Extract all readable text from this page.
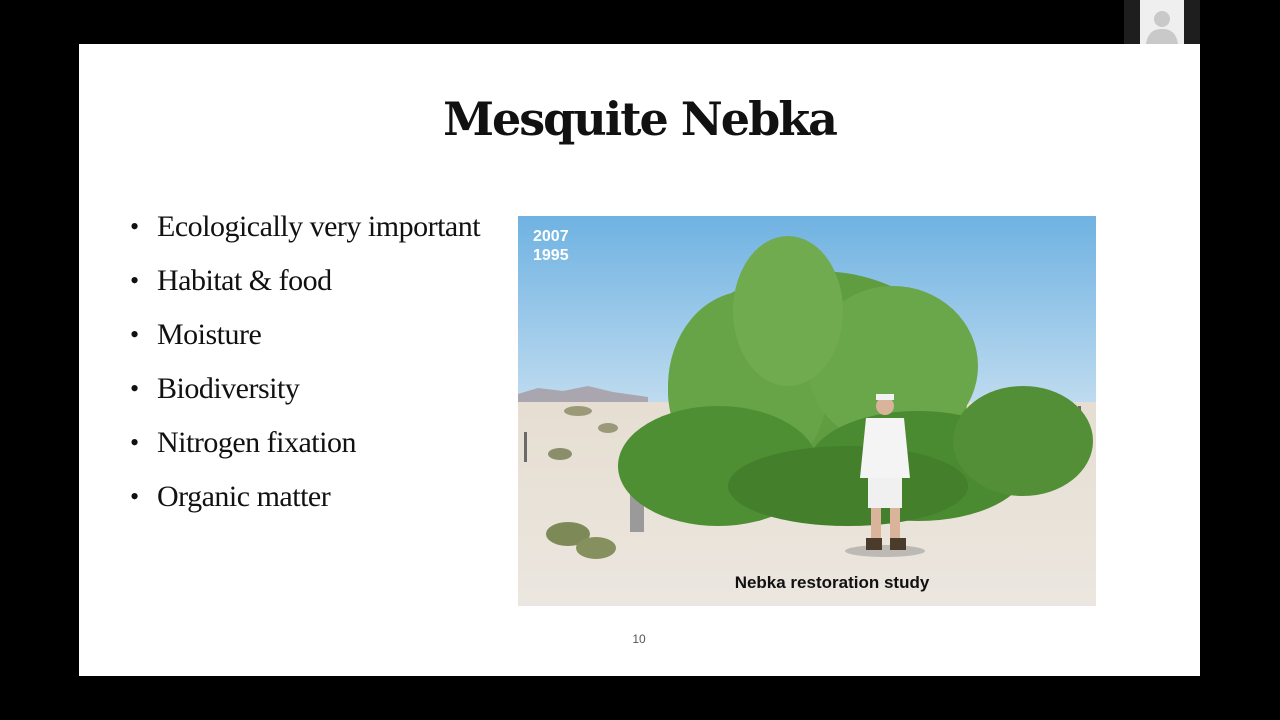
Mesquite Nebka
• Ecologically very important
• Habitat & food
• Moisture
• Biodiversity
• Nitrogen fixation
• Organic matter
2007
1995
Nebka restoration study
10
